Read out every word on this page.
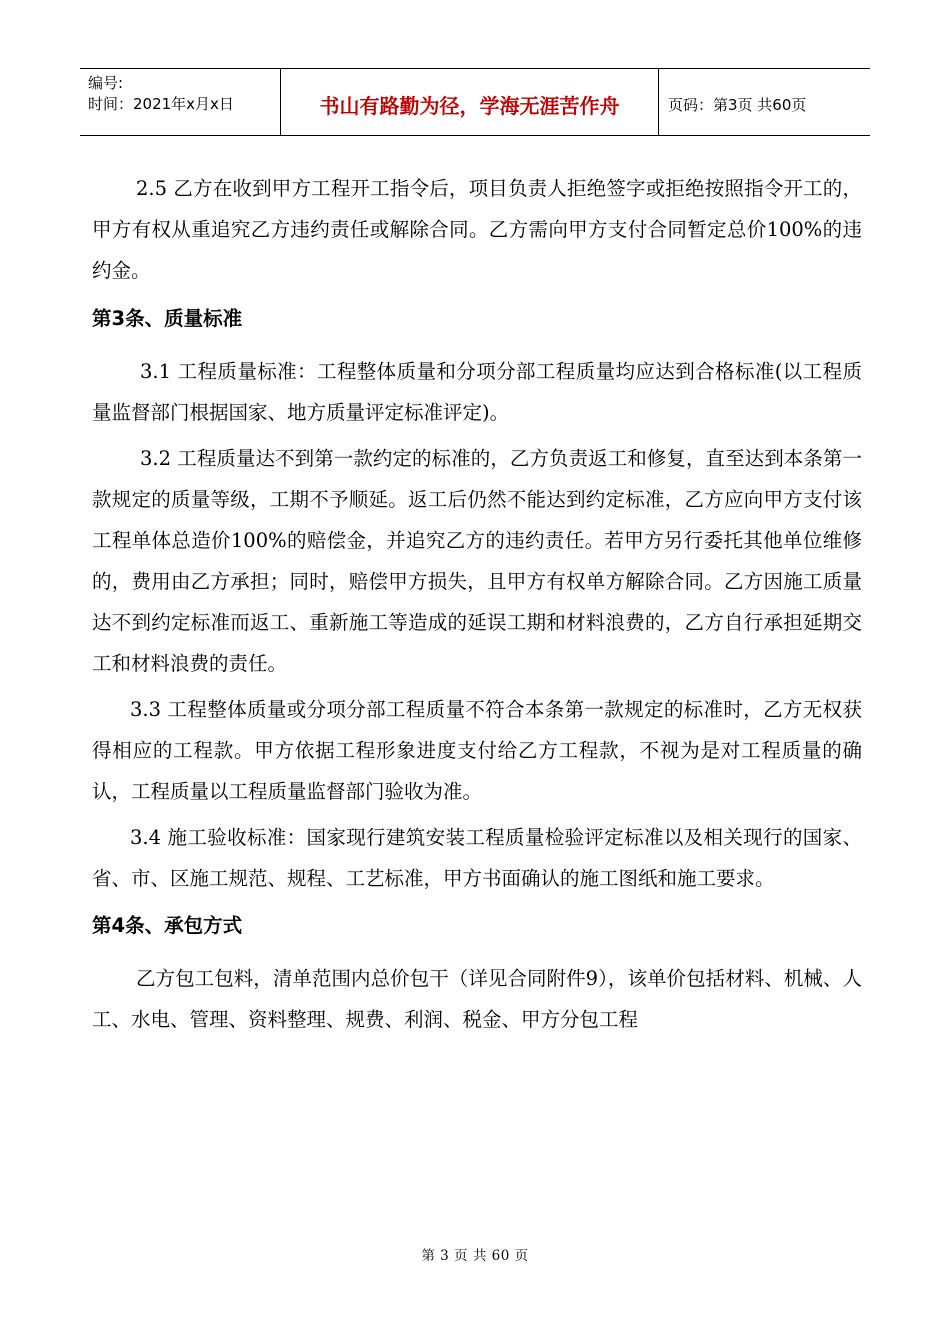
编号:
时间：2021年x月x日	书山有路勤为径，学海无涯苦作舟	页码：第3页 共60页

2.5 乙方在收到甲方工程开工指令后，项目负责人拒绝签字或拒绝按照指令开工的，甲方有权从重追究乙方违约责任或解除合同。乙方需向甲方支付合同暂定总价100%的违约金。

第3条、质量标准

3.1 工程质量标准：工程整体质量和分项分部工程质量均应达到合格标准(以工程质量监督部门根据国家、地方质量评定标准评定)。

3.2 工程质量达不到第一款约定的标准的，乙方负责返工和修复，直至达到本条第一款规定的质量等级，工期不予顺延。返工后仍然不能达到约定标准，乙方应向甲方支付该工程单体总造价100%的赔偿金，并追究乙方的违约责任。若甲方另行委托其他单位维修的，费用由乙方承担；同时，赔偿甲方损失，且甲方有权单方解除合同。乙方因施工质量达不到约定标准而返工、重新施工等造成的延误工期和材料浪费的，乙方自行承担延期交工和材料浪费的责任。

3.3 工程整体质量或分项分部工程质量不符合本条第一款规定的标准时，乙方无权获得相应的工程款。甲方依据工程形象进度支付给乙方工程款，不视为是对工程质量的确认，工程质量以工程质量监督部门验收为准。

3.4 施工验收标准：国家现行建筑安装工程质量检验评定标准以及相关现行的国家、省、市、区施工规范、规程、工艺标准，甲方书面确认的施工图纸和施工要求。

第4条、承包方式

乙方包工包料，清单范围内总价包干（详见合同附件9），该单价包括材料、机械、人工、水电、管理、资料整理、规费、利润、税金、甲方分包工程

第 3 页 共 60 页
